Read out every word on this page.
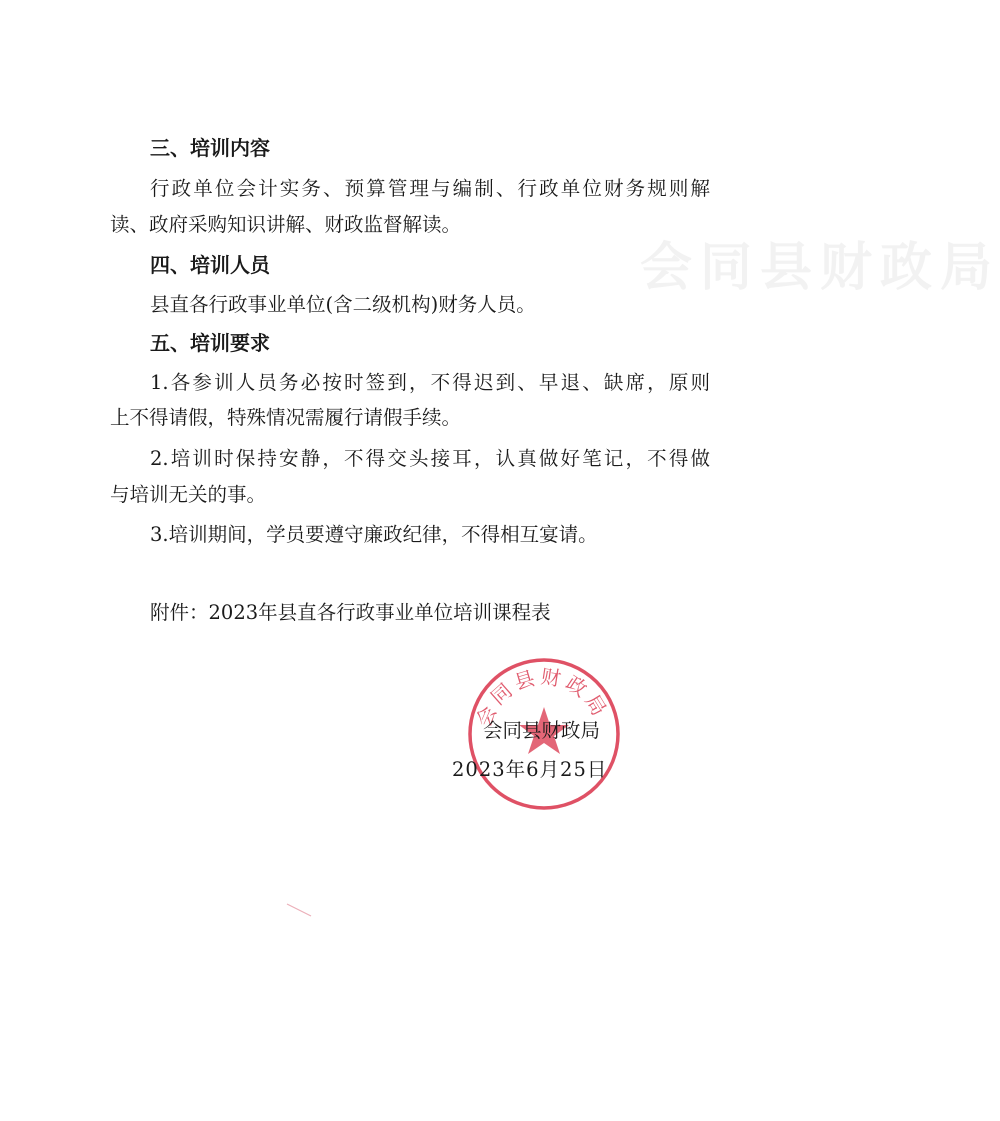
会同县财政局
三、培训内容
行政单位会计实务、预算管理与编制、行政单位财务规则解
读、政府采购知识讲解、财政监督解读。
四、培训人员
县直各行政事业单位(含二级机构)财务人员。
五、培训要求
1.各参训人员务必按时签到，不得迟到、早退、缺席，原则
上不得请假，特殊情况需履行请假手续。
2.培训时保持安静，不得交头接耳，认真做好笔记，不得做
与培训无关的事。
3.培训期间，学员要遵守廉政纪律，不得相互宴请。
附件：2023年县直各行政事业单位培训课程表
会同县财政局
会同县财政局
2023年6月25日
